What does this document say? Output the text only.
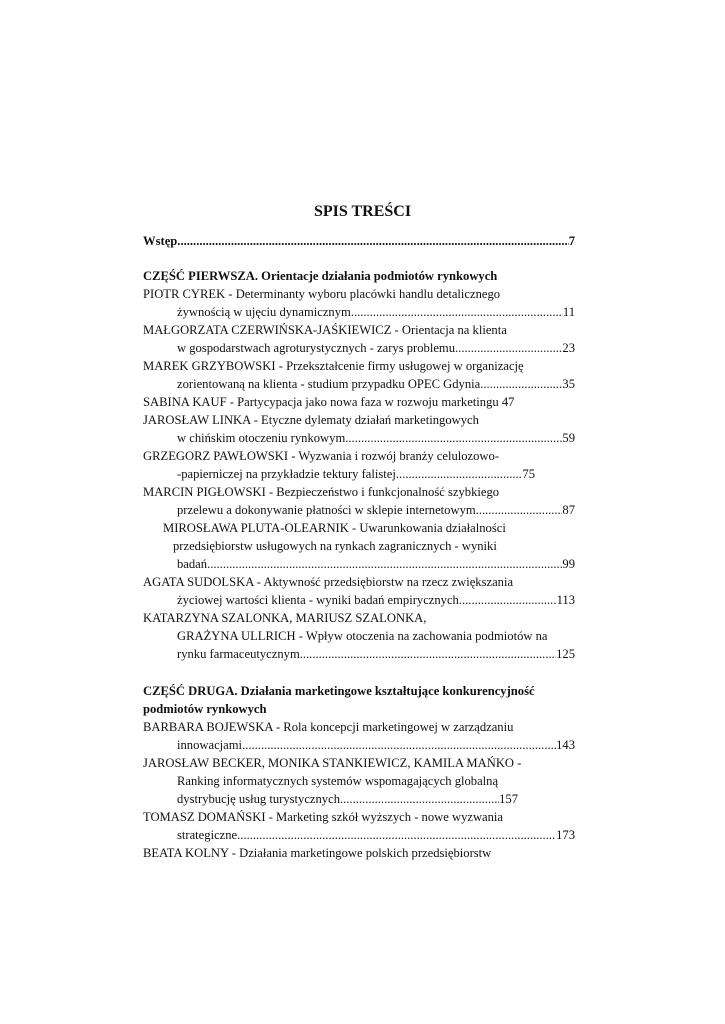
SPIS TREŚCI
Wstęp .....	7
CZĘŚĆ PIERWSZA. Orientacje działania podmiotów rynkowych
PIOTR CYREK - Determinanty wyboru placówki handlu detalicznego
żywnością w ujęciu dynamicznym .....	11
MAŁGORZATA CZERWIŃSKA-JAŚKIEWICZ - Orientacja na klienta
w gospodarstwach agroturystycznych - zarys problemu .....	23
MAREK GRZYBOWSKI - Przekształcenie firmy usługowej w organizację
zorientowaną na klienta - studium przypadku OPEC Gdynia .....	35
SABINA KAUF - Partycypacja jako nowa faza w rozwoju marketingu 47
JAROSŁAW LINKA - Etyczne dylematy działań marketingowych
w chińskim otoczeniu rynkowym .....	59
GRZEGORZ PAWŁOWSKI - Wyzwania i rozwój branży celulozowo-
-papierniczej na przykładzie tektury falistej .....	75
MARCIN PIGŁOWSKI - Bezpieczeństwo i funkcjonalność szybkiego
przelewu a dokonywanie płatności w sklepie internetowym .....	87
MIROSŁAWA PLUTA-OLEARNIK - Uwarunkowania działalności
przedsiębiorstw usługowych na rynkach zagranicznych - wyniki
badań .....	99
AGATA SUDOLSKA - Aktywność przedsiębiorstw na rzecz zwiększania
życiowej wartości klienta - wyniki badań empirycznych .....	113
KATARZYNA SZALONKA, MARIUSZ SZALONKA,
GRAŻYNA ULLRICH - Wpływ otoczenia na zachowania podmiotów na
rynku farmaceutycznym .....	125
CZĘŚĆ DRUGA. Działania marketingowe kształtujące konkurencyjność
podmiotów rynkowych
BARBARA BOJEWSKA - Rola koncepcji marketingowej w zarządzaniu
innowacjami .....	143
JAROSŁAW BECKER, MONIKA STANKIEWICZ, KAMILA MAŃKO -
Ranking informatycznych systemów wspomagających globalną
dystrybucję usług turystycznych .....	157
TOMASZ DOMAŃSKI - Marketing szkół wyższych - nowe wyzwania
strategiczne .....	173
BEATA KOLNY - Działania marketingowe polskich przedsiębiorstw
